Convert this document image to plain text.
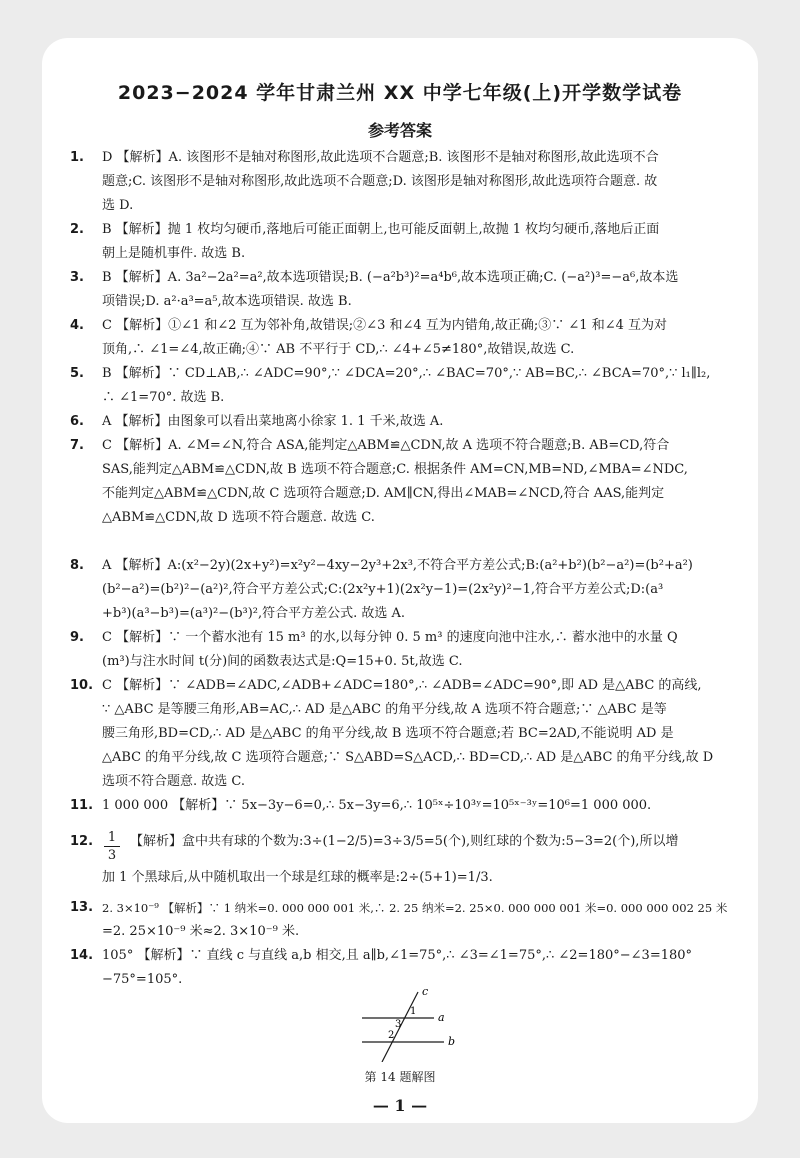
2023−2024 学年甘肃兰州 XX 中学七年级(上)开学数学试卷
参考答案
1.	D 【解析】A. 该图形不是轴对称图形,故此选项不合题意;B. 该图形不是轴对称图形,故此选项不合
题意;C. 该图形不是轴对称图形,故此选项不合题意;D. 该图形是轴对称图形,故此选项符合题意. 故
选 D.
2.	B 【解析】抛 1 枚均匀硬币,落地后可能正面朝上,也可能反面朝上,故抛 1 枚均匀硬币,落地后正面
朝上是随机事件. 故选 B.
3.	B 【解析】A. 3a²−2a²=a²,故本选项错误;B. (−a²b³)²=a⁴b⁶,故本选项正确;C. (−a²)³=−a⁶,故本选
项错误;D. a²·a³=a⁵,故本选项错误. 故选 B.
4.	C 【解析】①∠1 和∠2 互为邻补角,故错误;②∠3 和∠4 互为内错角,故正确;③∵ ∠1 和∠4 互为对
顶角,∴ ∠1=∠4,故正确;④∵ AB 不平行于 CD,∴ ∠4+∠5≠180°,故错误,故选 C.
5.	B 【解析】∵ CD⊥AB,∴ ∠ADC=90°,∵ ∠DCA=20°,∴ ∠BAC=70°,∵ AB=BC,∴ ∠BCA=70°,∵ l₁∥l₂,
∴ ∠1=70°. 故选 B.
6.	A 【解析】由图象可以看出菜地离小徐家 1. 1 千米,故选 A.
7.	C 【解析】A. ∠M=∠N,符合 ASA,能判定△ABM≌△CDN,故 A 选项不符合题意;B. AB=CD,符合
SAS,能判定△ABM≌△CDN,故 B 选项不符合题意;C. 根据条件 AM=CN,MB=ND,∠MBA=∠NDC,
不能判定△ABM≌△CDN,故 C 选项符合题意;D. AM∥CN,得出∠MAB=∠NCD,符合 AAS,能判定
△ABM≌△CDN,故 D 选项不符合题意. 故选 C.
8.	A 【解析】A:(x²−2y)(2x+y²)=x²y²−4xy−2y³+2x³,不符合平方差公式;B:(a²+b²)(b²−a²)=(b²+a²)
(b²−a²)=(b²)²−(a²)²,符合平方差公式;C:(2x²y+1)(2x²y−1)=(2x²y)²−1,符合平方差公式;D:(a³
+b³)(a³−b³)=(a³)²−(b³)²,符合平方差公式. 故选 A.
9.	C 【解析】∵ 一个蓄水池有 15 m³ 的水,以每分钟 0. 5 m³ 的速度向池中注水,∴ 蓄水池中的水量 Q
(m³)与注水时间 t(分)间的函数表达式是:Q=15+0. 5t,故选 C.
10. C 【解析】∵ ∠ADB=∠ADC,∠ADB+∠ADC=180°,∴ ∠ADB=∠ADC=90°,即 AD 是△ABC 的高线,
∵ △ABC 是等腰三角形,AB=AC,∴ AD 是△ABC 的角平分线,故 A 选项不符合题意;∵ △ABC 是等
腰三角形,BD=CD,∴ AD 是△ABC 的角平分线,故 B 选项不符合题意;若 BC=2AD,不能说明 AD 是
△ABC 的角平分线,故 C 选项符合题意;∵ S△ABD=S△ACD,∴ BD=CD,∴ AD 是△ABC 的角平分线,故 D
选项不符合题意. 故选 C.
11. 1 000 000 【解析】∵ 5x−3y−6=0,∴ 5x−3y=6,∴ 10⁵ˣ÷10³ʸ=10⁵ˣ⁻³ʸ=10⁶=1 000 000.
12.	1
3
【解析】盒中共有球的个数为:3÷(1−2/5)=3÷3/5=5(个),则红球的个数为:5−3=2(个),所以增
加 1 个黑球后,从中随机取出一个球是红球的概率是:2÷(5+1)=1/3.
13. 2. 3×10⁻⁹ 【解析】∵ 1 纳米=0. 000 000 001 米,∴ 2. 25 纳米=2. 25×0. 000 000 001 米=0. 000 000 002 25 米
=2. 25×10⁻⁹ 米≈2. 3×10⁻⁹ 米.
14. 105° 【解析】∵ 直线 c 与直线 a,b 相交,且 a∥b,∠1=75°,∴ ∠3=∠1=75°,∴ ∠2=180°−∠3=180°
−75°=105°.
c
a
b
1
3
2
第 14 题解图
— 1 —
